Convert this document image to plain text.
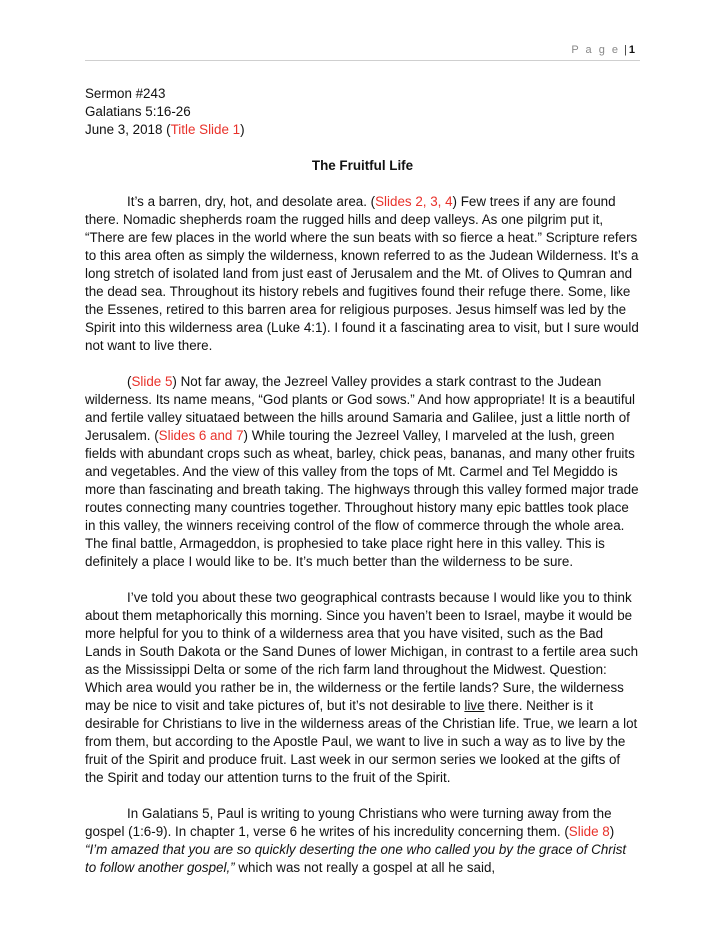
P a g e | 1

Sermon #243

Galatians 5:16-26

June 3, 2018 (Title Slide 1)

The Fruitful Life

It’s a barren, dry, hot, and desolate area. (Slides 2, 3, 4) Few trees if any are found there. Nomadic shepherds roam the rugged hills and deep valleys. As one pilgrim put it, “There are few places in the world where the sun beats with so fierce a heat.” Scripture refers to this area often as simply the wilderness, known referred to as the Judean Wilderness. It’s a long stretch of isolated land from just east of Jerusalem and the Mt. of Olives to Qumran and the dead sea. Throughout its history rebels and fugitives found their refuge there. Some, like the Essenes, retired to this barren area for religious purposes. Jesus himself was led by the Spirit into this wilderness area (Luke 4:1). I found it a fascinating area to visit, but I sure would not want to live there.

(Slide 5) Not far away, the Jezreel Valley provides a stark contrast to the Judean wilderness. Its name means, “God plants or God sows.” And how appropriate! It is a beautiful and fertile valley situataed between the hills around Samaria and Galilee, just a little north of Jerusalem. (Slides 6 and 7) While touring the Jezreel Valley, I marveled at the lush, green fields with abundant crops such as wheat, barley, chick peas, bananas, and many other fruits and vegetables. And the view of this valley from the tops of Mt. Carmel and Tel Megiddo is more than fascinating and breath taking. The highways through this valley formed major trade routes connecting many countries together. Throughout history many epic battles took place in this valley, the winners receiving control of the flow of commerce through the whole area. The final battle, Armageddon, is prophesied to take place right here in this valley. This is definitely a place I would like to be. It’s much better than the wilderness to be sure.

I’ve told you about these two geographical contrasts because I would like you to think about them metaphorically this morning. Since you haven’t been to Israel, maybe it would be more helpful for you to think of a wilderness area that you have visited, such as the Bad Lands in South Dakota or the Sand Dunes of lower Michigan, in contrast to a fertile area such as the Mississippi Delta or some of the rich farm land throughout the Midwest. Question: Which area would you rather be in, the wilderness or the fertile lands? Sure, the wilderness may be nice to visit and take pictures of, but it’s not desirable to live there. Neither is it desirable for Christians to live in the wilderness areas of the Christian life. True, we learn a lot from them, but according to the Apostle Paul, we want to live in such a way as to live by the fruit of the Spirit and produce fruit. Last week in our sermon series we looked at the gifts of the Spirit and today our attention turns to the fruit of the Spirit.

In Galatians 5, Paul is writing to young Christians who were turning away from the gospel (1:6-9). In chapter 1, verse 6 he writes of his incredulity concerning them. (Slide 8) “I’m amazed that you are so quickly deserting the one who called you by the grace of Christ to follow another gospel,” which was not really a gospel at all he said,
